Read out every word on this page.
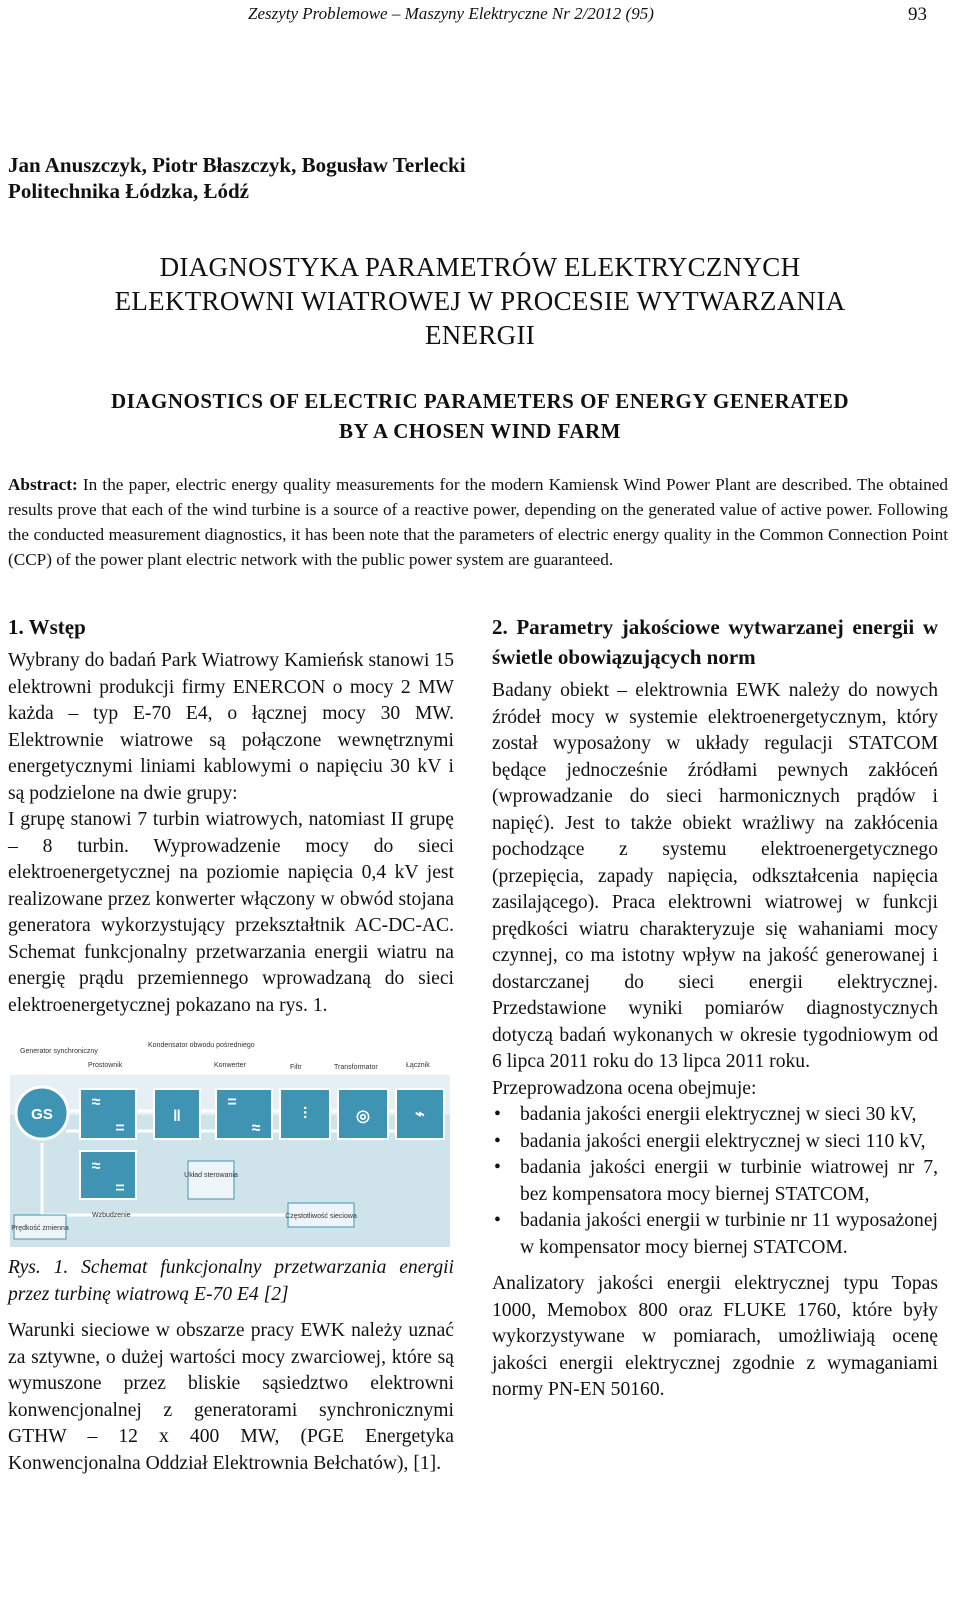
Zeszyty Problemowe – Maszyny Elektryczne Nr 2/2012 (95)	93
Jan Anuszczyk, Piotr Błaszczyk, Bogusław Terlecki
Politechnika Łódzka, Łódź
DIAGNOSTYKA PARAMETRÓW ELEKTRYCZNYCH
ELEKTROWNI WIATROWEJ W PROCESIE WYTWARZANIA
ENERGII
DIAGNOSTICS OF ELECTRIC PARAMETERS OF ENERGY GENERATED
BY A CHOSEN WIND FARM

Abstract: In the paper, electric energy quality measurements for the modern Kamiensk Wind Power Plant are described. The obtained results prove that each of the wind turbine is a source of a reactive power, depending on the generated value of active power. Following the conducted measurement diagnostics, it has been note that the parameters of electric energy quality in the Common Connection Point (CCP) of the power plant electric network with the public power system are guaranteed.

1. Wstęp

Wybrany do badań Park Wiatrowy Kamieńsk stanowi 15 elektrowni produkcji firmy ENERCON o mocy 2 MW każda – typ E-70 E4, o łącznej mocy 30 MW. Elektrownie wiatrowe są połączone wewnętrznymi energetycznymi liniami kablowymi o napięciu 30 kV i są podzielone na dwie grupy:

I grupę stanowi 7 turbin wiatrowych, natomiast II grupę – 8 turbin. Wyprowadzenie mocy do sieci elektroenergetycznej na poziomie napięcia 0,4 kV jest realizowane przez konwerter włączony w obwód stojana generatora wykorzystujący przekształtnik AC-DC-AC. Schemat funkcjonalny przetwarzania energii wiatru na energię prądu przemiennego wprowadzaną do sieci elektroenergetycznej pokazano na rys. 1.

Generator synchroniczny
Prostownik
Kondensator obwodu pośredniego
Konwerter	Filtr	Transformator	Łącznik
GS
≈
=
=
≈
≈
=
‖	◎	⌁
⫶
Układ sterowania
Częstotliwość sieciowa
Prędkość zmienna
Wzbudzenie

Rys. 1. Schemat funkcjonalny przetwarzania energii przez turbinę wiatrową E-70 E4 [2]

Warunki sieciowe w obszarze pracy EWK należy uznać za sztywne, o dużej wartości mocy zwarciowej, które są wymuszone przez bliskie sąsiedztwo elektrowni konwencjonalnej z generatorami synchronicznymi GTHW – 12 x 400 MW, (PGE Energetyka Konwencjonalna Oddział Elektrownia Bełchatów), [1].

2. Parametry jakościowe wytwarzanej energii w świetle obowiązujących norm

Badany obiekt – elektrownia EWK należy do nowych źródeł mocy w systemie elektroenergetycznym, który został wyposażony w układy regulacji STATCOM będące jednocześnie źródłami pewnych zakłóceń (wprowadzanie do sieci harmonicznych prądów i napięć). Jest to także obiekt wrażliwy na zakłócenia pochodzące z systemu elektroenergetycznego (przepięcia, zapady napięcia, odkształcenia napięcia zasilającego). Praca elektrowni wiatrowej w funkcji prędkości wiatru charakteryzuje się wahaniami mocy czynnej, co ma istotny wpływ na jakość generowanej i dostarczanej do sieci energii elektrycznej. Przedstawione wyniki pomiarów diagnostycznych dotyczą badań wykonanych w okresie tygodniowym od 6 lipca 2011 roku do 13 lipca 2011 roku.

Przeprowadzona ocena obejmuje:

• badania jakości energii elektrycznej w sieci 30 kV,
• badania jakości energii elektrycznej w sieci 110 kV,
• badania jakości energii w turbinie wiatrowej nr 7, bez kompensatora mocy biernej STATCOM,
• badania jakości energii w turbinie nr 11 wyposażonej w kompensator mocy biernej STATCOM.

Analizatory jakości energii elektrycznej typu Topas 1000, Memobox 800 oraz FLUKE 1760, które były wykorzystywane w pomiarach, umożliwiają ocenę jakości energii elektrycznej zgodnie z wymaganiami normy PN-EN 50160.
